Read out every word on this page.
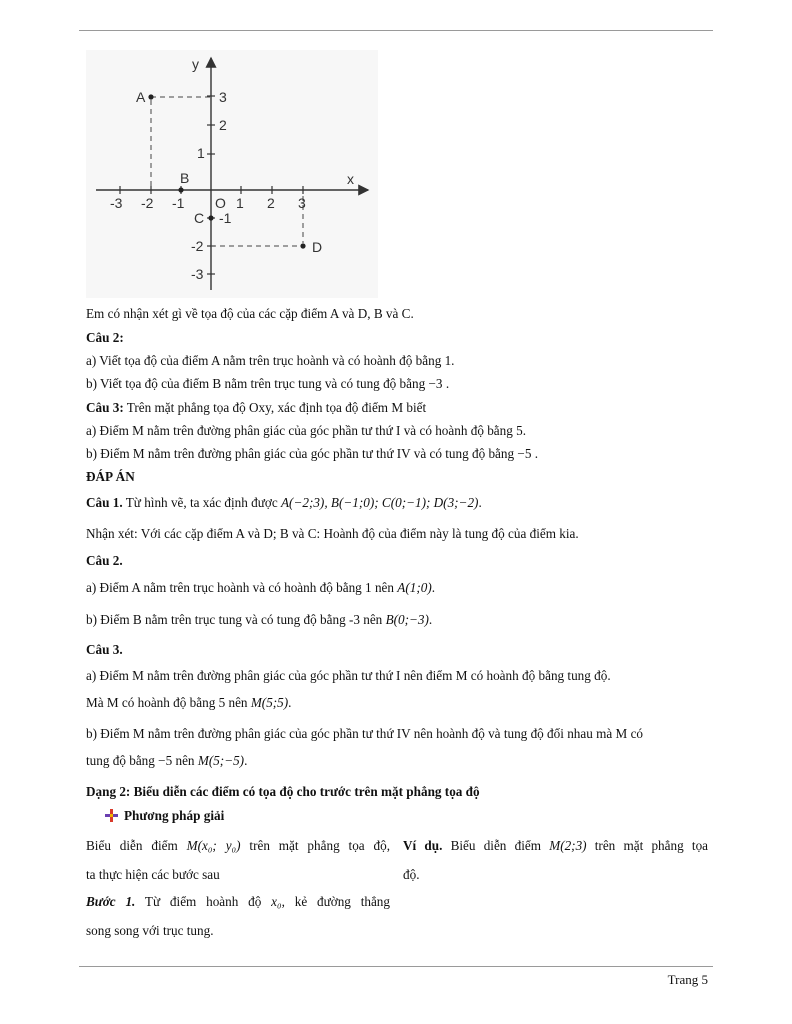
y
x
O
-3 -2 -1	1 2 3
1
2
3
-1
-2
-3
A
B
C
D
Em có nhận xét gì về tọa độ của các cặp điểm A và D, B và C.
Câu 2:
a) Viết tọa độ của điểm A nằm trên trục hoành và có hoành độ bằng 1.
b) Viết tọa độ của điểm B nằm trên trục tung và có tung độ bằng −3 .
Câu 3: Trên mặt phẳng tọa độ Oxy, xác định tọa độ điểm M biết
a) Điểm M nằm trên đường phân giác của góc phần tư thứ I và có hoành độ bằng 5.
b) Điểm M nằm trên đường phân giác của góc phần tư thứ IV và có tung độ bằng −5 .
ĐÁP ÁN
Câu 1. Từ hình vẽ, ta xác định được A(−2;3), B(−1;0); C(0;−1); D(3;−2).
Nhận xét: Với các cặp điểm A và D; B và C: Hoành độ của điểm này là tung độ của điểm kia.
Câu 2.
a) Điểm A nằm trên trục hoành và có hoành độ bằng 1 nên A(1;0).
b) Điểm B nằm trên trục tung và có tung độ bằng -3 nên B(0;−3).
Câu 3.
a) Điểm M nằm trên đường phân giác của góc phần tư thứ I nên điểm M có hoành độ bằng tung độ.
Mà M có hoành độ bằng 5 nên M(5;5).
b) Điểm M nằm trên đường phân giác của góc phần tư thứ IV nên hoành độ và tung độ đối nhau mà M có
tung độ bằng −5 nên M(5;−5).
Dạng 2: Biểu diễn các điểm có tọa độ cho trước trên mặt phẳng tọa độ
Phương pháp giải
Biểu diễn điểm M(x₀; y₀) trên mặt phẳng tọa độ,
ta thực hiện các bước sau
Bước 1. Từ điểm hoành độ x₀, kẻ đường thẳng
song song với trục tung.
Ví dụ. Biểu diễn điểm M(2;3) trên mặt phẳng tọa
độ.
Trang 5
